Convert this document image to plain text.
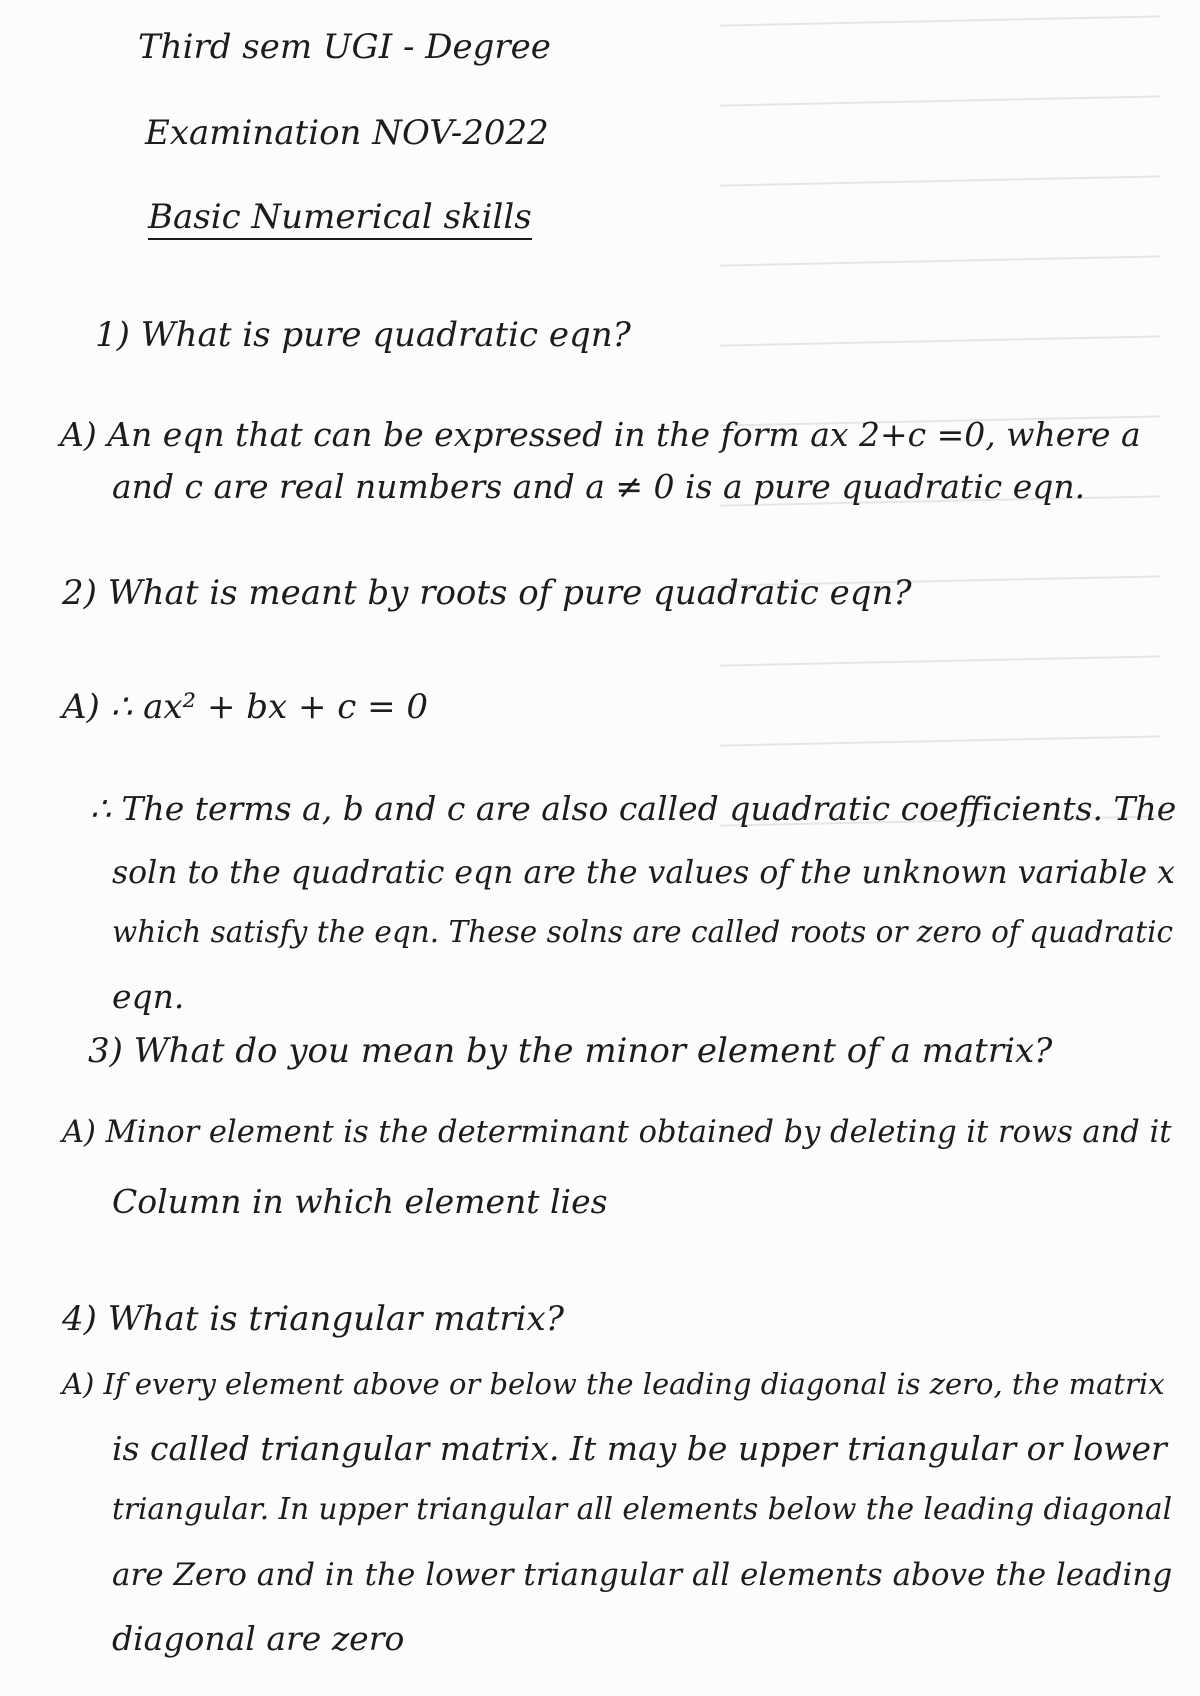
Third sem UGI - Degree
Examination NOV-2022
Basic Numerical skills
1) What is pure quadratic eqn?
A) An eqn that can be expressed in the form ax 2+c =0, where a
and c are real numbers and a ≠ 0 is a pure quadratic eqn.
2) What is meant by roots of pure quadratic eqn?
A) ∴ ax² + bx + c = 0
∴ The terms a, b and c are also called quadratic coefficients. The
soln to the quadratic eqn are the values of the unknown variable x
which satisfy the eqn. These solns are called roots or zero of quadratic
eqn.
3) What do you mean by the minor element of a matrix?
A) Minor element is the determinant obtained by deleting it rows and it
Column in which element lies
4) What is triangular matrix?
A) If every element above or below the leading diagonal is zero, the matrix
is called triangular matrix. It may be upper triangular or lower
triangular. In upper triangular all elements below the leading diagonal
are Zero and in the lower triangular all elements above the leading
diagonal are zero
